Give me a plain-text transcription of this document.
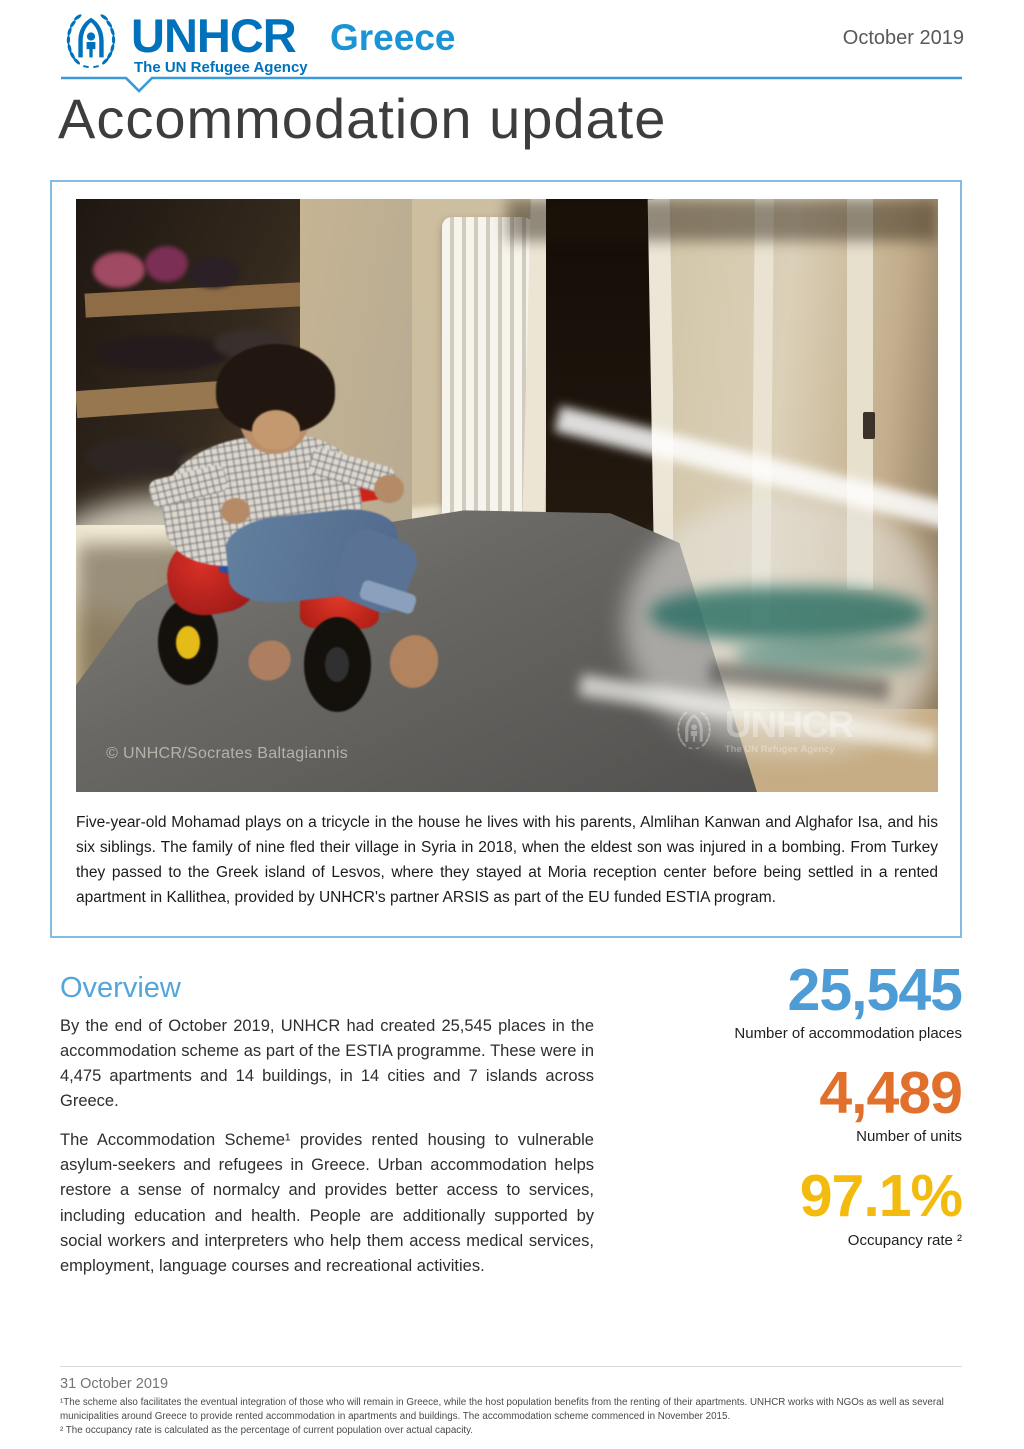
UNHCR
The UN Refugee Agency
Greece	October 2019
Accommodation update
UNHCR
The UN Refugee Agency
© UNHCR/Socrates Baltagiannis
Five-year-old Mohamad plays on a tricycle in the house he lives with his parents, Almlihan Kanwan and Alghafor Isa, and his six siblings. The family of nine fled their village in Syria in 2018, when the eldest son was injured in a bombing. From Turkey they passed to the Greek island of Lesvos, where they stayed at Moria reception center before being settled in a rented apartment in Kallithea, provided by UNHCR's partner ARSIS as part of the EU funded ESTIA program.
Overview

By the end of October 2019, UNHCR had created 25,545 places in the accommodation scheme as part of the ESTIA programme. These were in 4,475 apartments and 14 buildings, in 14 cities and 7 islands across Greece.

The Accommodation Scheme¹ provides rented housing to vulnerable asylum-seekers and refugees in Greece. Urban accommodation helps restore a sense of normalcy and provides better access to services, including education and health. People are additionally supported by social workers and interpreters who help them access medical services, employment, language courses and recreational activities.

25,545
Number of accommodation places
4,489
Number of units
97.1%
Occupancy rate ²
31 October 2019
¹The scheme also facilitates the eventual integration of those who will remain in Greece, while the host population benefits from the renting of their apartments. UNHCR works with NGOs as well as several municipalities around Greece to provide rented accommodation in apartments and buildings. The accommodation scheme commenced in November 2015.
² The occupancy rate is calculated as the percentage of current population over actual capacity.
